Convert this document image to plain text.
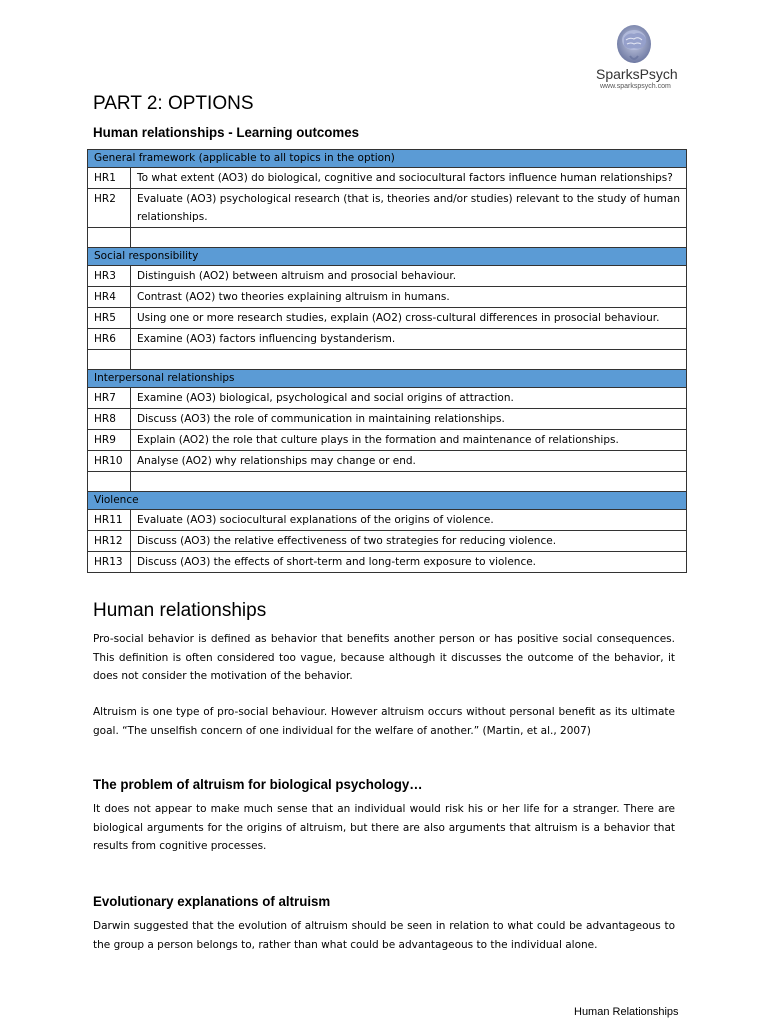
SparksPsych
www.sparkspsych.com
PART 2: OPTIONS
Human relationships - Learning outcomes
General framework (applicable to all topics in the option)	
HR1	To what extent (AO3) do biological, cognitive and sociocultural factors influence human relationships?
HR2	Evaluate (AO3) psychological research (that is, theories and/or studies) relevant to the study of human relationships.

Social responsibility	
HR3	Distinguish (AO2) between altruism and prosocial behaviour.
HR4	Contrast (AO2) two theories explaining altruism in humans.
HR5	Using one or more research studies, explain (AO2) cross-cultural differences in prosocial behaviour.
HR6	Examine (AO3) factors influencing bystanderism.

Interpersonal relationships	
HR7	Examine (AO3) biological, psychological and social origins of attraction.
HR8	Discuss (AO3) the role of communication in maintaining relationships.
HR9	Explain (AO2) the role that culture plays in the formation and maintenance of relationships.
HR10	Analyse (AO2) why relationships may change or end.

Violence	
HR11	Evaluate (AO3) sociocultural explanations of the origins of violence.
HR12	Discuss (AO3) the relative effectiveness of two strategies for reducing violence.
HR13	Discuss (AO3) the effects of short-term and long-term exposure to violence.
Human relationships

Pro-social behavior is defined as behavior that benefits another person or has positive social consequences. This definition is often considered too vague, because although it discusses the outcome of the behavior, it does not consider the motivation of the behavior.

Altruism is one type of pro-social behaviour. However altruism occurs without personal benefit as its ultimate goal. “The unselfish concern of one individual for the welfare of another.” (Martin, et al., 2007)

The problem of altruism for biological psychology…

It does not appear to make much sense that an individual would risk his or her life for a stranger. There are biological arguments for the origins of altruism, but there are also arguments that altruism is a behavior that results from cognitive processes.

Evolutionary explanations of altruism

Darwin suggested that the evolution of altruism should be seen in relation to what could be advantageous to the group a person belongs to, rather than what could be advantageous to the individual alone.

Human Relationships
